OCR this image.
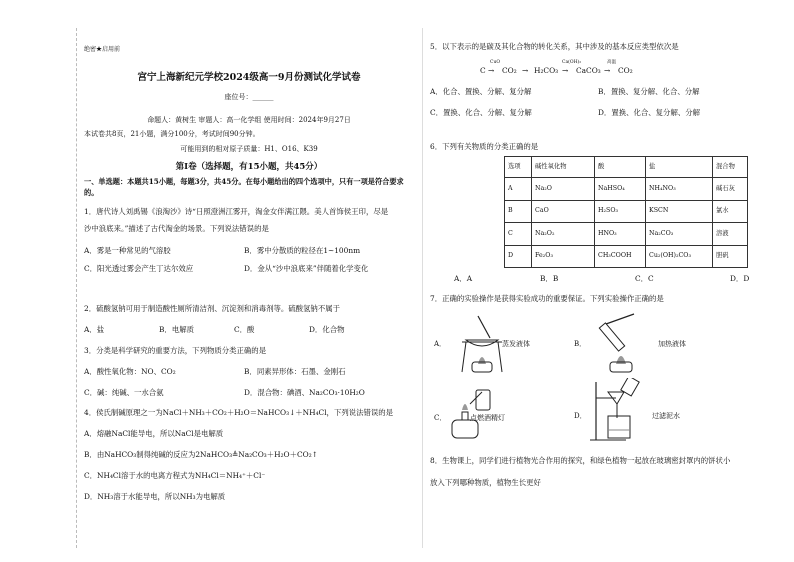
绝密★启用前
宫宁上海新纪元学校2024级高一9月份测试化学试卷
座位号：______
命题人：黄树生 审题人：高一化学组 使用时间：2024年9月27日
本试卷共8页，21小题，满分100分，考试时间90分钟。
可能用到的相对原子质量：H1、O16、K39
第Ⅰ卷（选择题，有15小题，共45分）
一、单选题：本题共15小题，每题3分，共45分。在每小题给出的四个选项中，只有一项是符合要求的。
1．唐代诗人刘禹锡《浪淘沙》诗“日照澄洲江雾开，淘金女伴满江隈。美人首饰侯王印，尽是
沙中浪底来。”描述了古代淘金的场景。下列说法错误的是
A．雾是一种常见的气溶胶	B．雾中分散质的粒径在1~100nm
C．阳光透过雾会产生丁达尔效应	D．金从“沙中浪底来”伴随着化学变化
2．硫酸氢钠可用于制造酸性厕所清洁剂、沉淀剂和消毒剂等。硫酸氢钠不属于
A．盐	B．电解质	C．酸	D．化合物
3．分类是科学研究的重要方法，下列物质分类正确的是
A．酸性氧化物：NO、CO₂	B．同素异形体：石墨、金刚石
C．碱：纯碱、一水合氨	D．混合物：碘酒、Na₂CO₃·10H₂O
4．侯氏制碱原理之一为NaCl＋NH₃＋CO₂＋H₂O＝NaHCO₃↓＋NH₄Cl，下列说法错误的是
A．熔融NaCl能导电，所以NaCl是电解质
B．由NaHCO₃制得纯碱的反应为2NaHCO₃≜Na₂CO₃＋H₂O＋CO₂↑
C．NH₄Cl溶于水的电离方程式为NH₄Cl＝NH₄⁺＋Cl⁻
D．NH₃溶于水能导电，所以NH₃为电解质
5．以下表示的是碳及其化合物的转化关系，其中涉及的基本反应类型依次是
C
CuO
→ CO₂ → H₂CO₃
Ca(OH)₂
→ CaCO₃
高温
→ CO₂
A．化合、置换、分解、复分解	B．置换、复分解、化合、分解
C．置换、化合、分解、复分解	D．置换、化合、复分解、分解
6．下列有关物质的分类正确的是
选项	碱性氧化物	酸	盐	混合物
A	Na₂O	NaHSO₄	NH₄NO₃	碱石灰
B	CaO	H₂SO₃	KSCN	氯水
C	Na₂O₂	HNO₃	Na₂CO₃	溶液
D	Fe₂O₃	CH₃COOH	Cu₂(OH)₂CO₃	胆矾
A．A	B．B	C．C	D．D
7．正确的实验操作是获得实验成功的重要保证。下列实验操作正确的是
A．	蒸发液体	B．	加热液体
C．	点燃酒精灯	D．	过滤泥水
8．生物课上，同学们进行植物光合作用的探究，和绿色植物一起放在玻璃密封罩内的饼状小
放入下列哪种物质，植物生长更好
